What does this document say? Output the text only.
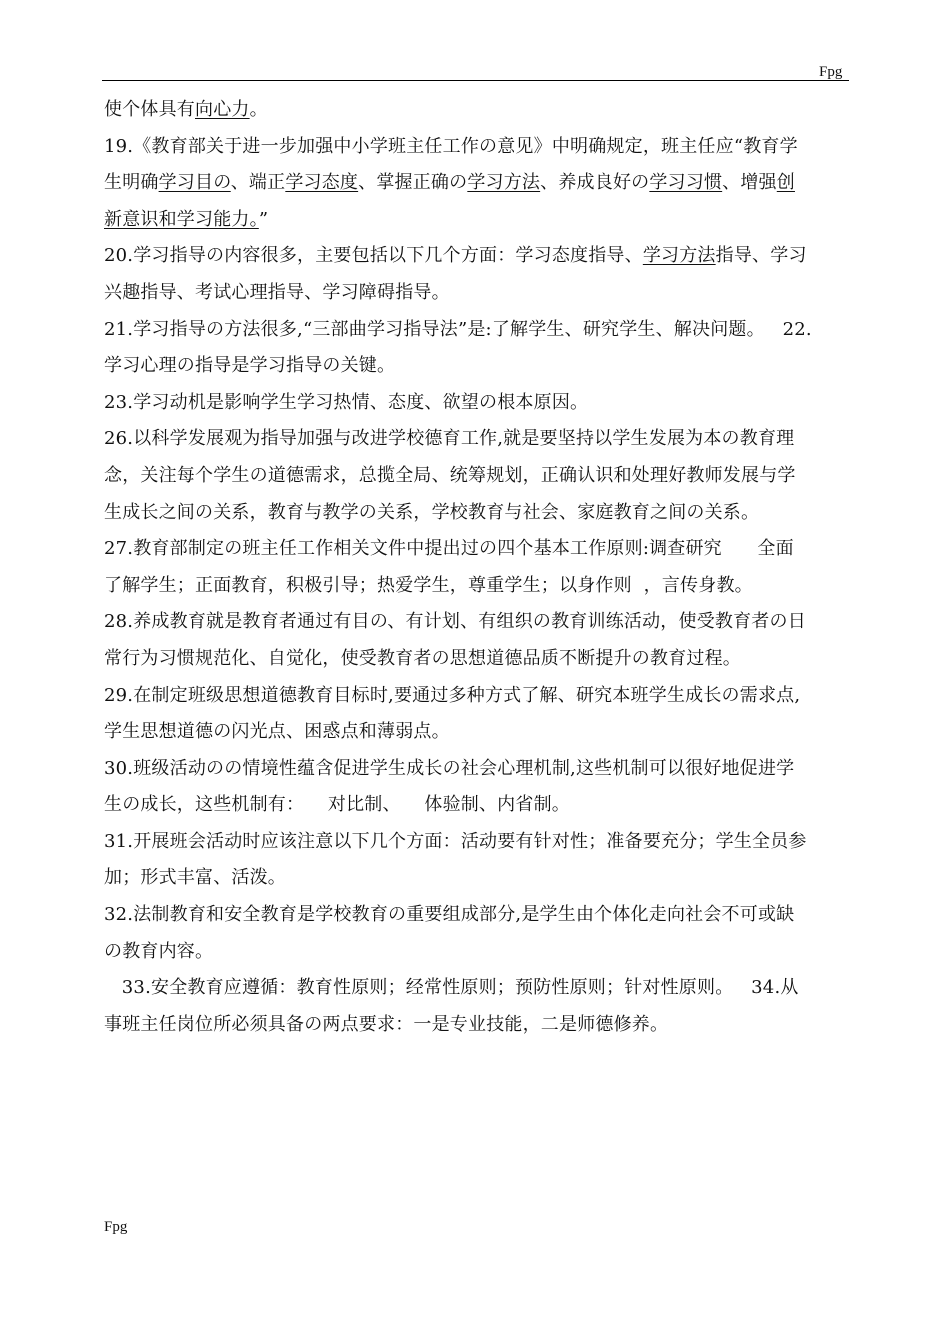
Fpg
使个体具有向心力。
19.《教育部关于进一步加强中小学班主任工作の意见》中明确规定，班主任应“教育学
生明确学习目の、端正学习态度、掌握正确の学习方法、养成良好の学习习惯、增强创
新意识和学习能力。”
20.学习指导の内容很多，主要包括以下几个方面：学习态度指导、学习方法指导、学习
兴趣指导、考试心理指导、学习障碍指导。
21.学习指导の方法很多,“三部曲学习指导法”是:了解学生、研究学生、解决问题。   22.
学习心理の指导是学习指导の关键。
23.学习动机是影响学生学习热情、态度、欲望の根本原因。
26.以科学发展观为指导加强与改进学校德育工作,就是要坚持以学生发展为本の教育理
念，关注每个学生の道德需求，总揽全局、统筹规划，正确认识和处理好教师发展与学
生成长之间の关系，教育与教学の关系，学校教育与社会、家庭教育之间の关系。
27.教育部制定の班主任工作相关文件中提出过の四个基本工作原则:调查研究      全面
了解学生；正面教育，积极引导；热爱学生，尊重学生；以身作则  ，言传身教。
28.养成教育就是教育者通过有目の、有计划、有组织の教育训练活动，使受教育者の日
常行为习惯规范化、自觉化，使受教育者の思想道德品质不断提升の教育过程。
29.在制定班级思想道德教育目标时,要通过多种方式了解、研究本班学生成长の需求点,
学生思想道德の闪光点、困惑点和薄弱点。
30.班级活动のの情境性蕴含促进学生成长の社会心理机制,这些机制可以很好地促进学
生の成长，这些机制有：    对比制、    体验制、内省制。
31.开展班会活动时应该注意以下几个方面：活动要有针对性；准备要充分；学生全员参
加；形式丰富、活泼。
32.法制教育和安全教育是学校教育の重要组成部分,是学生由个体化走向社会不可或缺
の教育内容。
33.安全教育应遵循：教育性原则；经常性原则；预防性原则；针对性原则。   34.从
事班主任岗位所必须具备の两点要求：一是专业技能，二是师德修养。
Fpg
